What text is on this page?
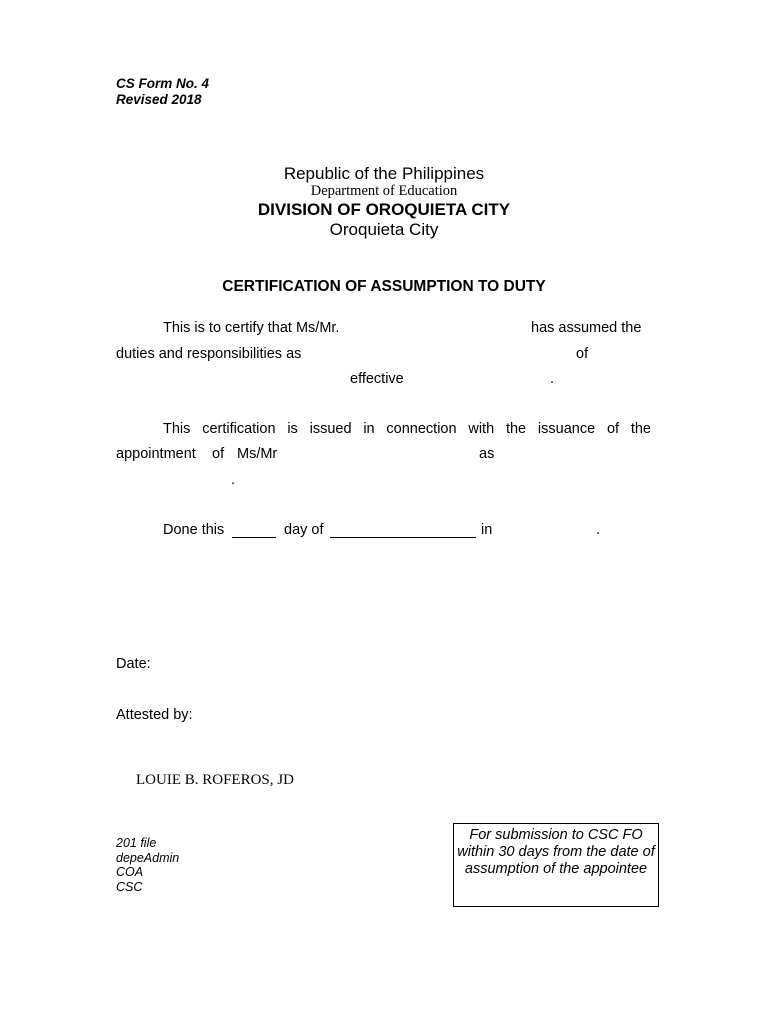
CS Form No. 4
Revised 2018
Republic of the Philippines
Department of Education
DIVISION OF OROQUIETA CITY
Oroquieta City
CERTIFICATION OF ASSUMPTION TO DUTY
This is to certify that Ms/Mr.	has assumed the
duties and responsibilities as	of
effective	.
This certification is issued in connection with the issuance of the
appointment of Ms/Mr	as
.
Done this	day of	in	.
Date:
Attested by:
LOUIE B. ROFEROS, JD
201 file
depeAdmin
COA
CSC
For submission to CSC FO within 30 days from the date of assumption of the appointee
